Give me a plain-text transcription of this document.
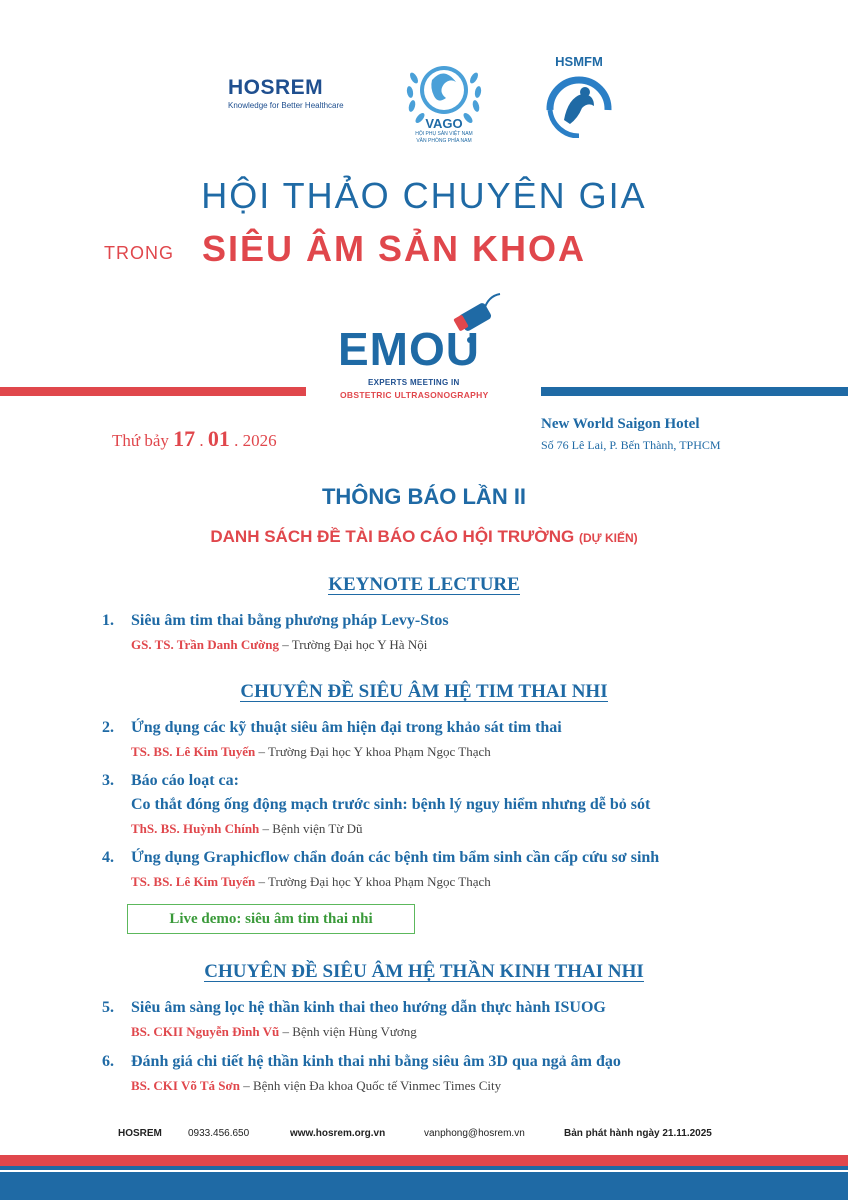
HOSREM
Knowledge for Better Healthcare
VAGO
HỘI PHỤ SẢN VIỆT NAM
VĂN PHÒNG PHÍA NAM
HSMFM
HỘI THẢO CHUYÊN GIA
TRONG SIÊU ÂM SẢN KHOA
EMOU
EXPERTS MEETING IN
OBSTETRIC ULTRASONOGRAPHY
Thứ bảy 17 . 01 . 2026
New World Saigon Hotel
Số 76 Lê Lai, P. Bến Thành, TPHCM
THÔNG BÁO LẦN II
DANH SÁCH ĐỀ TÀI BÁO CÁO HỘI TRƯỜNG (DỰ KIẾN)
KEYNOTE LECTURE
1. Siêu âm tim thai bằng phương pháp Levy-Stos
GS. TS. Trần Danh Cường – Trường Đại học Y Hà Nội
CHUYÊN ĐỀ SIÊU ÂM HỆ TIM THAI NHI
2. Ứng dụng các kỹ thuật siêu âm hiện đại trong khảo sát tim thai
TS. BS. Lê Kim Tuyến – Trường Đại học Y khoa Phạm Ngọc Thạch
3. Báo cáo loạt ca:
Co thắt đóng ống động mạch trước sinh: bệnh lý nguy hiểm nhưng dễ bỏ sót
ThS. BS. Huỳnh Chính – Bệnh viện Từ Dũ
4. Ứng dụng Graphicflow chẩn đoán các bệnh tim bẩm sinh cần cấp cứu sơ sinh
TS. BS. Lê Kim Tuyến – Trường Đại học Y khoa Phạm Ngọc Thạch
Live demo: siêu âm tim thai nhi
CHUYÊN ĐỀ SIÊU ÂM HỆ THẦN KINH THAI NHI
5. Siêu âm sàng lọc hệ thần kinh thai theo hướng dẫn thực hành ISUOG
BS. CKII Nguyễn Đình Vũ – Bệnh viện Hùng Vương
6. Đánh giá chi tiết hệ thần kinh thai nhi bằng siêu âm 3D qua ngả âm đạo
BS. CKI Võ Tá Sơn – Bệnh viện Đa khoa Quốc tế Vinmec Times City
HOSREM	0933.456.650	www.hosrem.org.vn	vanphong@hosrem.vn	Bản phát hành ngày 21.11.2025
